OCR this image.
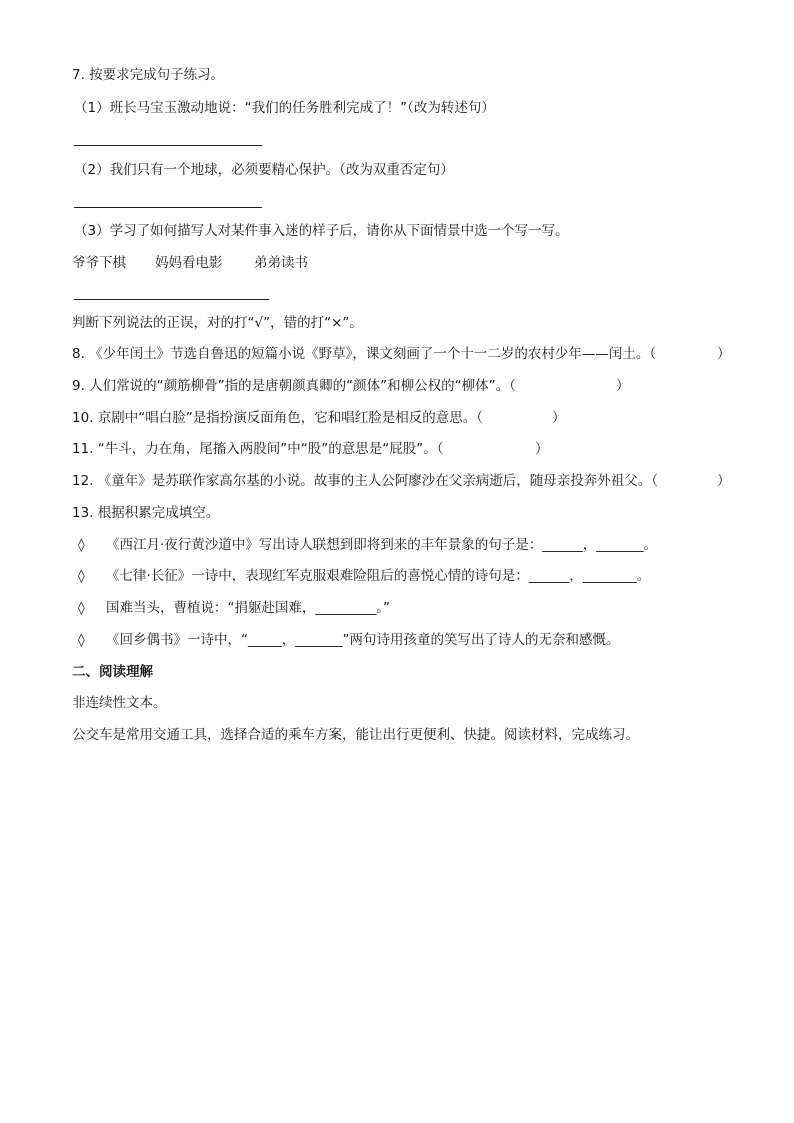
7. 按要求完成句子练习。
（1）班长马宝玉激动地说：“我们的任务胜利完成了！”（改为转述句）
（2）我们只有一个地球，必须要精心保护。（改为双重否定句）
（3）学习了如何描写人对某件事入迷的样子后，请你从下面情景中选一个写一写。
爷爷下棋 妈妈看电影 弟弟读书
判断下列说法的正误，对的打“√”，错的打“×”。
8. 《少年闰土》节选自鲁迅的短篇小说《野草》，课文刻画了一个十一二岁的农村少年——闰土。（	）
9. 人们常说的“颜筋柳骨”指的是唐朝颜真卿的“颜体”和柳公权的“柳体”。（	）
10. 京剧中“唱白脸”是指扮演反面角色，它和唱红脸是相反的意思。（	）
11. “牛斗，力在角，尾搐入两股间”中“股”的意思是“屁股”。（	）
12. 《童年》是苏联作家高尔基的小说。故事的主人公阿廖沙在父亲病逝后，随母亲投奔外祖父。（	）
13. 根据积累完成填空。
◊ 《西江月·夜行黄沙道中》写出诗人联想到即将到来的丰年景象的句子是：______，_______。
◊ 《七律·长征》一诗中，表现红军克服艰难险阻后的喜悦心情的诗句是：______，________。
◊ 国难当头，曹植说：“捐躯赴国难，_________。”
◊ 《回乡偶书》一诗中，“_____，_______”两句诗用孩童的笑写出了诗人的无奈和感慨。
二、阅读理解
非连续性文本。
公交车是常用交通工具，选择合适的乘车方案，能让出行更便利、快捷。阅读材料，完成练习。
